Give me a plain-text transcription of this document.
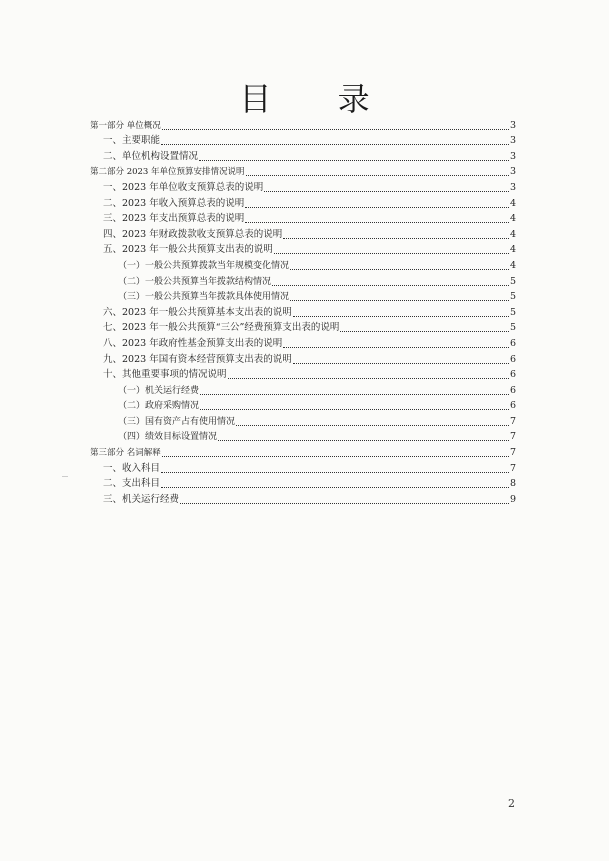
目 录
第一部分 单位概况	3
一、主要职能	3
二、单位机构设置情况	3
第二部分 2023 年单位预算安排情况说明	3
一、2023 年单位收支预算总表的说明	3
二、2023 年收入预算总表的说明	4
三、2023 年支出预算总表的说明	4
四、2023 年财政拨款收支预算总表的说明	4
五、2023 年一般公共预算支出表的说明	4
（一）一般公共预算拨款当年规模变化情况	4
（二）一般公共预算当年拨款结构情况	5
（三）一般公共预算当年拨款具体使用情况	5
六、2023 年一般公共预算基本支出表的说明	5
七、2023 年一般公共预算“三公”经费预算支出表的说明	5
八、2023 年政府性基金预算支出表的说明	6
九、2023 年国有资本经营预算支出表的说明	6
十、其他重要事项的情况说明	6
（一）机关运行经费	6
（二）政府采购情况	6
（三）国有资产占有使用情况	7
（四）绩效目标设置情况	7
第三部分 名词解释	7
一、收入科目	7
二、支出科目	8
三、机关运行经费	9
2
